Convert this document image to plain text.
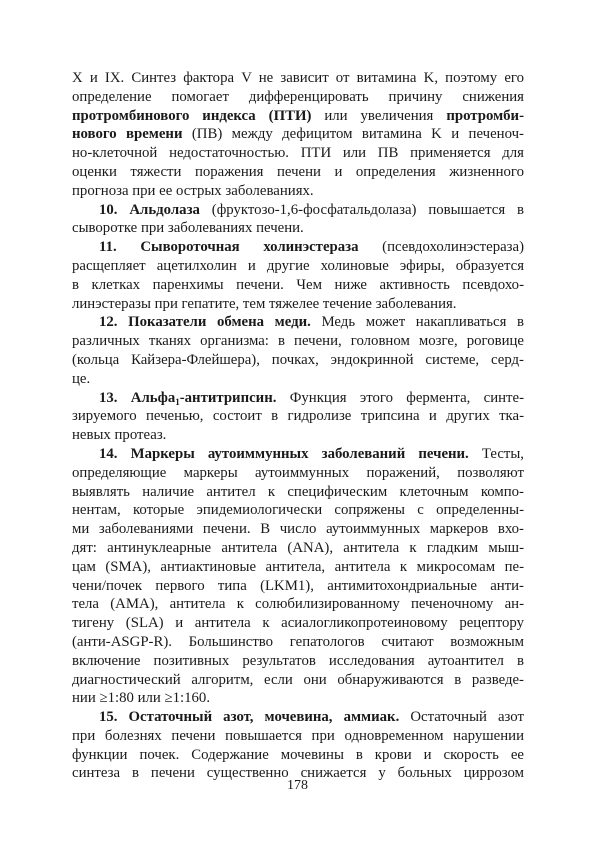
X и IX. Синтез фактора V не зависит от витамина K, поэтому его
определение помогает дифференцировать причину снижения
протромбинового индекса (ПТИ) или увеличения протромби-
нового времени (ПВ) между дефицитом витамина K и печеноч-
но-клеточной недостаточностью. ПТИ или ПВ применяется для
оценки тяжести поражения печени и определения жизненного
прогноза при ее острых заболеваниях.
10. Альдолаза (фруктозо-1,6-фосфатальдолаза) повышается в
сыворотке при заболеваниях печени.
11. Сывороточная холинэстераза (псевдохолинэстераза)
расщепляет ацетилхолин и другие холиновые эфиры, образуется
в клетках паренхимы печени. Чем ниже активность псевдохо-
линэстеразы при гепатите, тем тяжелее течение заболевания.
12. Показатели обмена меди. Медь может накапливаться в
различных тканях организма: в печени, головном мозге, роговице
(кольца Кайзера-Флейшера), почках, эндокринной системе, серд-
це.
13. Альфа$_1$-антитрипсин. Функция этого фермента, синте-
зируемого печенью, состоит в гидролизе трипсина и других тка-
невых протеаз.
14. Маркеры аутоиммунных заболеваний печени. Тесты,
определяющие маркеры аутоиммунных поражений, позволяют
выявлять наличие антител к специфическим клеточным компо-
нентам, которые эпидемиологически сопряжены с определенны-
ми заболеваниями печени. В число аутоиммунных маркеров вхо-
дят: антинуклеарные антитела (ANA), антитела к гладким мыш-
цам (SMA), антиактиновые антитела, антитела к микросомам пе-
чени/почек первого типа (LKM1), антимитохондриальные анти-
тела (AMA), антитела к солюбилизированному печеночному ан-
тигену (SLA) и антитела к асиалогликопротеиновому рецептору
(анти-ASGP-R). Большинство гепатологов считают возможным
включение позитивных результатов исследования аутоантител в
диагностический алгоритм, если они обнаруживаются в разведе-
нии ≥1:80 или ≥1:160.
15. Остаточный азот, мочевина, аммиак. Остаточный азот
при болезнях печени повышается при одновременном нарушении
функции почек. Содержание мочевины в крови и скорость ее
синтеза в печени существенно снижается у больных циррозом
178
